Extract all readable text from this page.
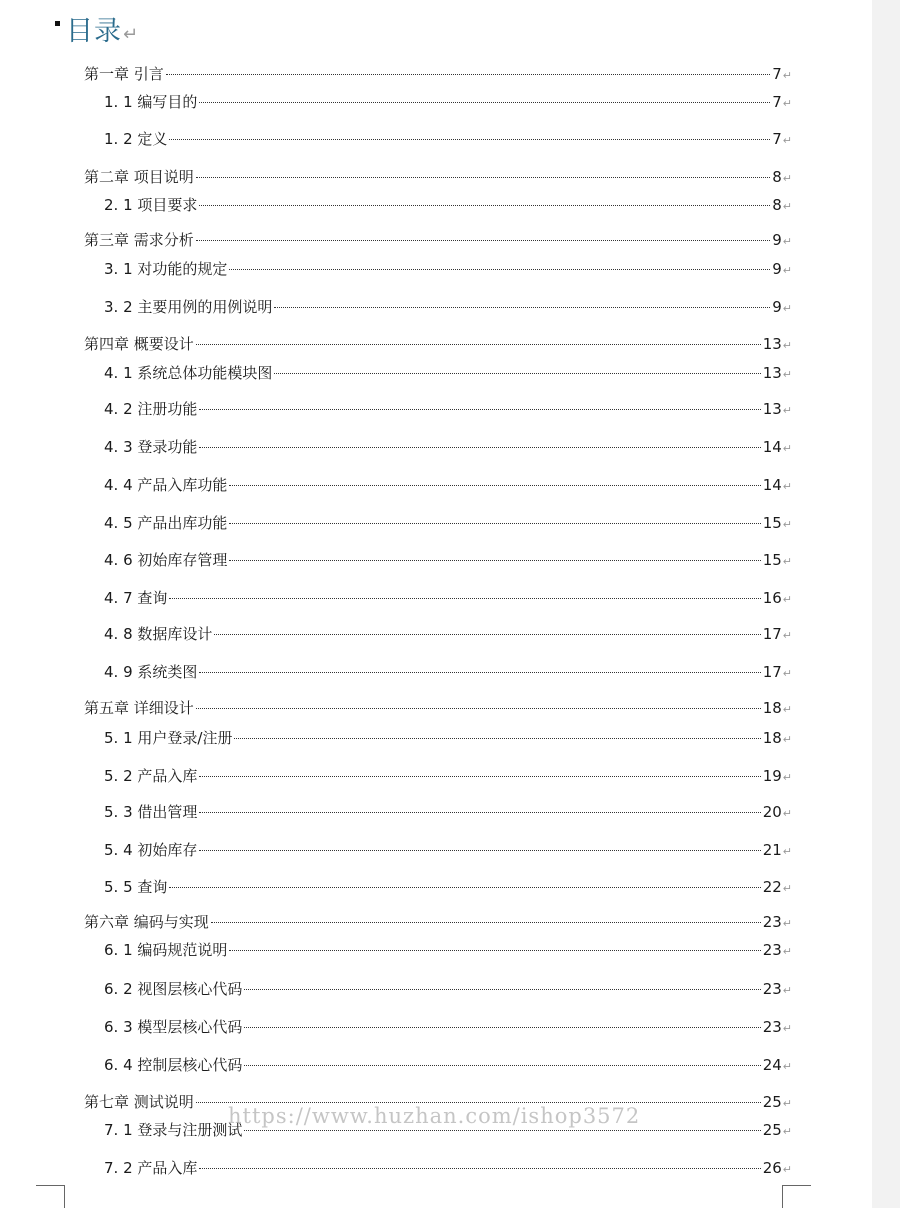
目录 ↵
第一章 引言	7 ↵
1. 1 编写目的	7 ↵
1. 2 定义	7 ↵
第二章 项目说明	8 ↵
2. 1 项目要求	8 ↵
第三章 需求分析	9 ↵
3. 1 对功能的规定	9 ↵
3. 2 主要用例的用例说明	9 ↵
第四章 概要设计	13 ↵
4. 1 系统总体功能模块图	13 ↵
4. 2 注册功能	13 ↵
4. 3 登录功能	14 ↵
4. 4 产品入库功能	14 ↵
4. 5 产品出库功能	15 ↵
4. 6 初始库存管理	15 ↵
4. 7 查询	16 ↵
4. 8 数据库设计	17 ↵
4. 9 系统类图	17 ↵
第五章 详细设计	18 ↵
5. 1 用户登录/注册	18 ↵
5. 2 产品入库	19 ↵
5. 3 借出管理	20 ↵
5. 4 初始库存	21 ↵
5. 5 查询	22 ↵
第六章 编码与实现	23 ↵
6. 1 编码规范说明	23 ↵
6. 2 视图层核心代码	23 ↵
6. 3 模型层核心代码	23 ↵
6. 4 控制层核心代码	24 ↵
第七章 测试说明	25 ↵
7. 1 登录与注册测试	25 ↵
7. 2 产品入库	26 ↵
https://www.huzhan.com/ishop3572
